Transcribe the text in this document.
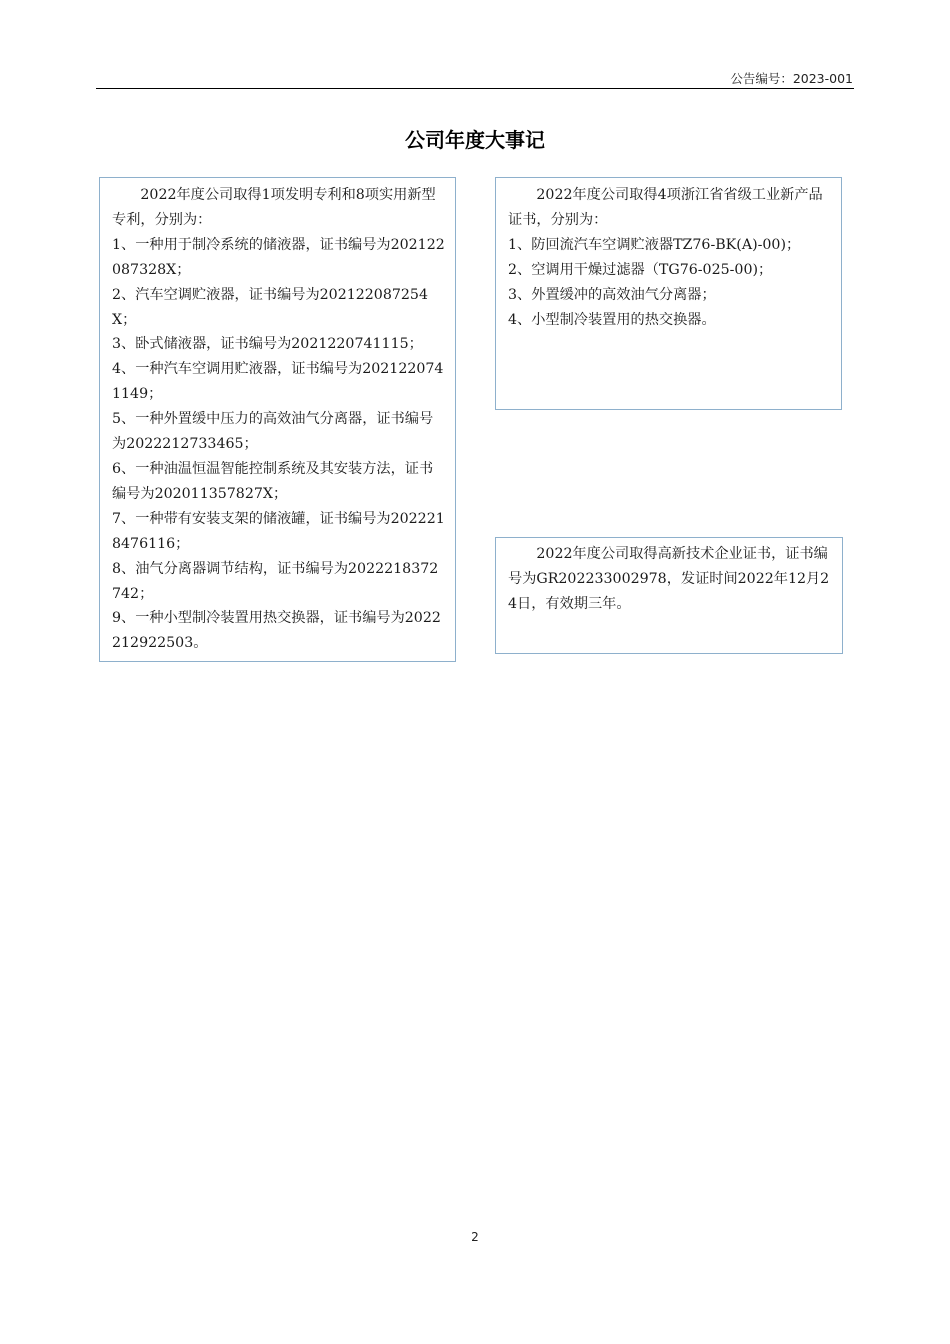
公告编号：2023-001
公司年度大事记

2022年度公司取得1项发明专利和8项实用新型专利，分别为：

1、一种用于制冷系统的储液器，证书编号为202122087328X；

2、汽车空调贮液器，证书编号为202122087254X；

3、卧式储液器，证书编号为2021220741115；

4、一种汽车空调用贮液器，证书编号为2021220741149；

5、一种外置缓中压力的高效油气分离器，证书编号为2022212733465；

6、一种油温恒温智能控制系统及其安装方法，证书编号为202011357827X；

7、一种带有安装支架的储液罐，证书编号为2022218476116；

8、油气分离器调节结构，证书编号为2022218372742；

9、一种小型制冷装置用热交换器，证书编号为2022212922503。

2022年度公司取得4项浙江省省级工业新产品证书，分别为：

1、防回流汽车空调贮液器TZ76-BK(A)-00)；

2、空调用干燥过滤器（TG76-025-00)；

3、外置缓冲的高效油气分离器；

4、小型制冷装置用的热交换器。

2022年度公司取得高新技术企业证书，证书编号为GR202233002978，发证时间2022年12月24日，有效期三年。

2
